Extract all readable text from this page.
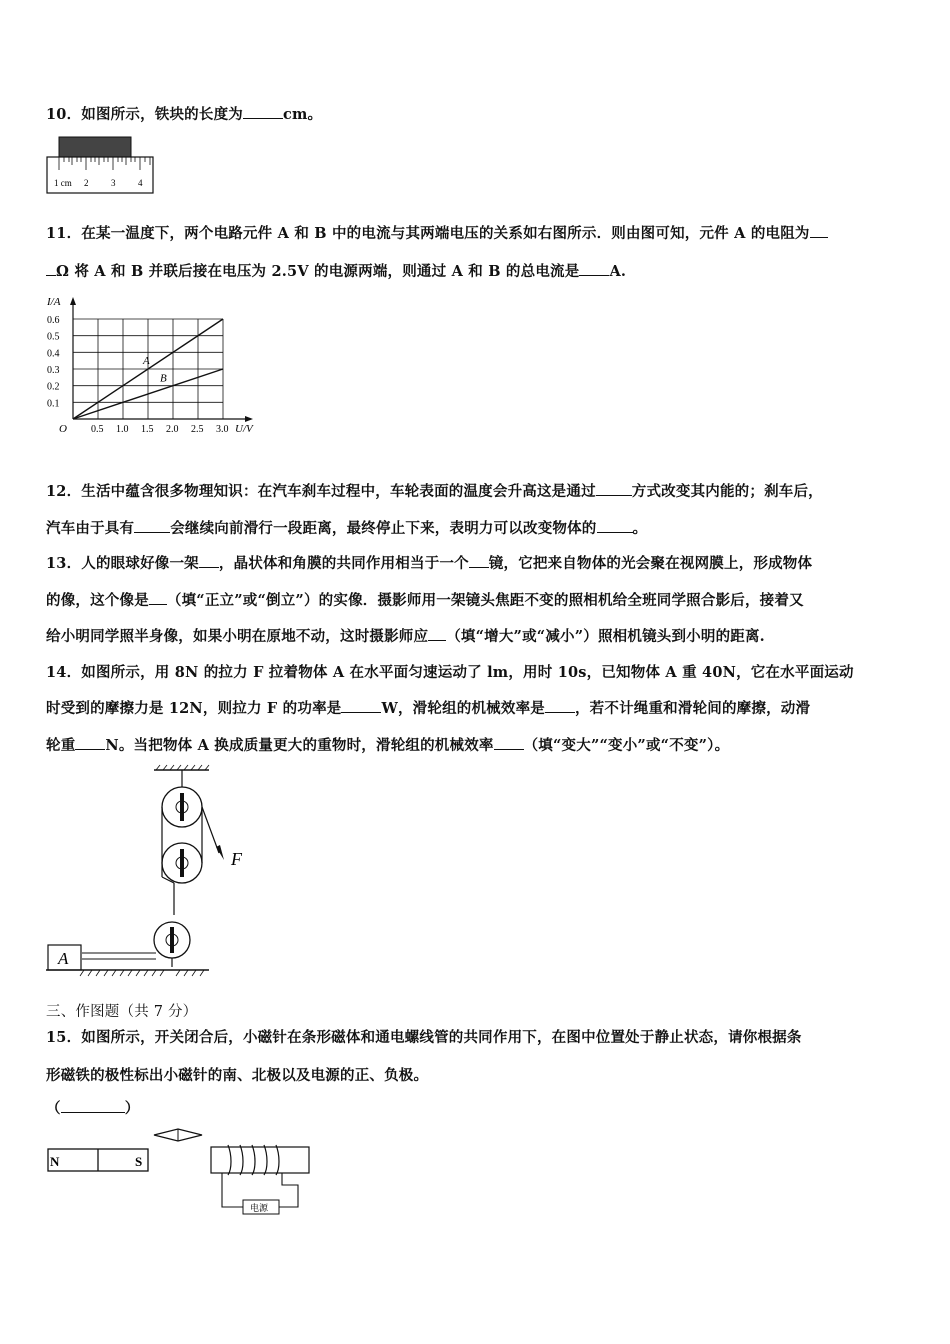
10．如图所示，铁块的长度为	cm。
1 cm 2	3	4
11．在某一温度下，两个电路元件 A 和 B 中的电流与其两端电压的关系如右图所示．则由图可知，元件 A 的电阻为
Ω 将 A 和 B 并联后接在电压为 2.5V 的电源两端，则通过 A 和 B 的总电流是 A.
0.5 1.0 1.5 2.0 2.5 3.0
0.1
0.2
0.3
0.4
0.5
0.6
U/V
I/A
O
A
B
12．生活中蕴含很多物理知识：在汽车刹车过程中，车轮表面的温度会升高这是通过 方式改变其内能的；刹车后，
汽车由于具有 会继续向前滑行一段距离，最终停止下来，表明力可以改变物体的 。
13．人的眼球好像一架 ，晶状体和角膜的共同作用相当于一个 镜，它把来自物体的光会聚在视网膜上，形成物体
的像，这个像是 （填“正立”或“倒立”）的实像．摄影师用一架镜头焦距不变的照相机给全班同学照合影后，接着又
给小明同学照半身像，如果小明在原地不动，这时摄影师应 （填“增大”或“减小”）照相机镜头到小明的距离.
14．如图所示，用 8N 的拉力 F 拉着物体 A 在水平面匀速运动了 lm，用时 10s，已知物体 A 重 40N，它在水平面运动
时受到的摩擦力是 12N，则拉力 F 的功率是	W，滑轮组的机械效率是 ，若不计绳重和滑轮间的摩擦，动滑
轮重 N。当把物体 A 换成质量更大的重物时，滑轮组的机械效率 （填“变大”“变小”或“不变”）。
F
A
三、作图题（共 7 分）
15．如图所示，开关闭合后，小磁针在条形磁体和通电螺线管的共同作用下，在图中位置处于静止状态，请你根据条
形磁铁的极性标出小磁针的南、北极以及电源的正、负极。
（	）
N	S
电源
